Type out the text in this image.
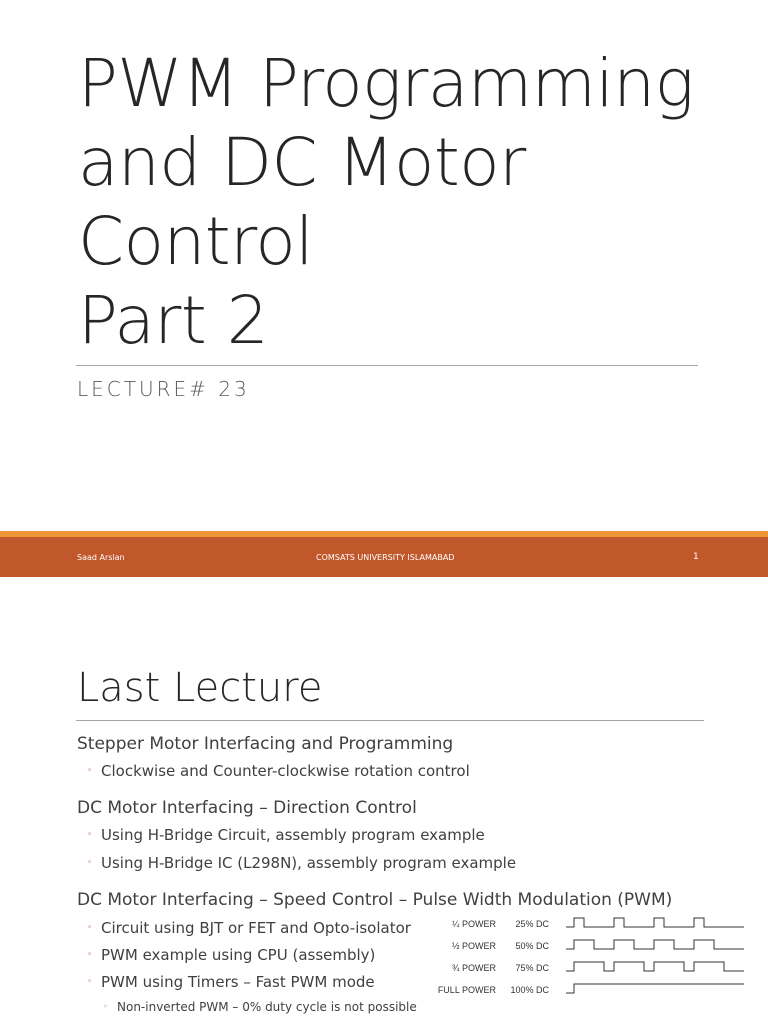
PWM Programming
and DC Motor
Control
Part 2
LECTURE# 23
Saad Arslan	COMSATS UNIVERSITY ISLAMABAD	1
Last Lecture
Stepper Motor Interfacing and Programming
◦ Clockwise and Counter-clockwise rotation control
DC Motor Interfacing – Direction Control
◦ Using H-Bridge Circuit, assembly program example
◦ Using H-Bridge IC (L298N), assembly program example
DC Motor Interfacing – Speed Control – Pulse Width Modulation (PWM)
◦ Circuit using BJT or FET and Opto-isolator
◦ PWM example using CPU (assembly)
◦ PWM using Timers – Fast PWM mode
◦ Non-inverted PWM – 0% duty cycle is not possible
¼ POWER 25% DC
½ POWER 50% DC
¾ POWER 75% DC
FULL POWER 100% DC
